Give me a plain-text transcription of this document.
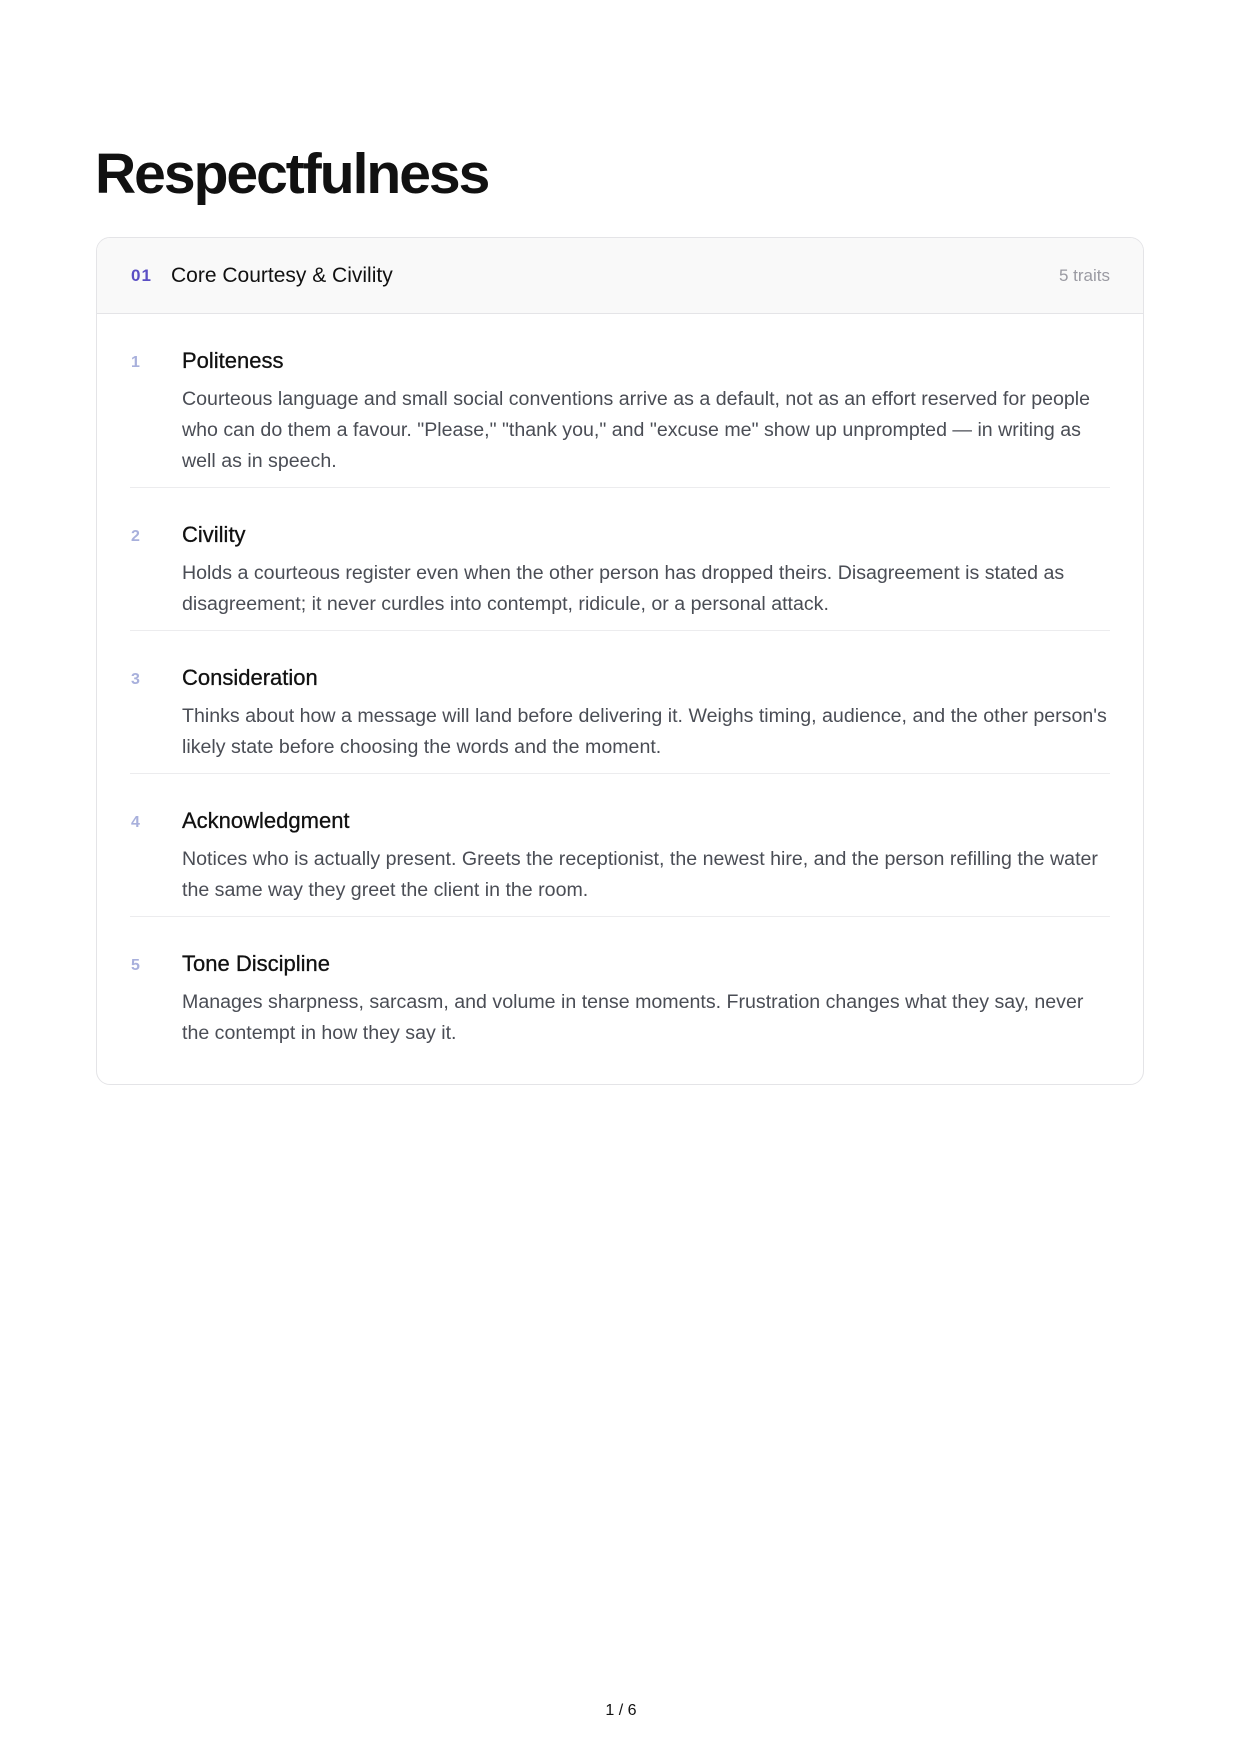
Respectfulness
01 Core Courtesy & Civility	5 traits
1	Politeness

Courteous language and small social conventions arrive as a default, not as an effort reserved for people who can do them a favour. "Please," "thank you," and "excuse me" show up unprompted — in writing as well as in speech.

2	Civility

Holds a courteous register even when the other person has dropped theirs. Disagreement is stated as disagreement; it never curdles into contempt, ridicule, or a personal attack.

3	Consideration

Thinks about how a message will land before delivering it. Weighs timing, audience, and the other person's likely state before choosing the words and the moment.

4	Acknowledgment

Notices who is actually present. Greets the receptionist, the newest hire, and the person refilling the water the same way they greet the client in the room.

5	Tone Discipline

Manages sharpness, sarcasm, and volume in tense moments. Frustration changes what they say, never the contempt in how they say it.

1 / 6
